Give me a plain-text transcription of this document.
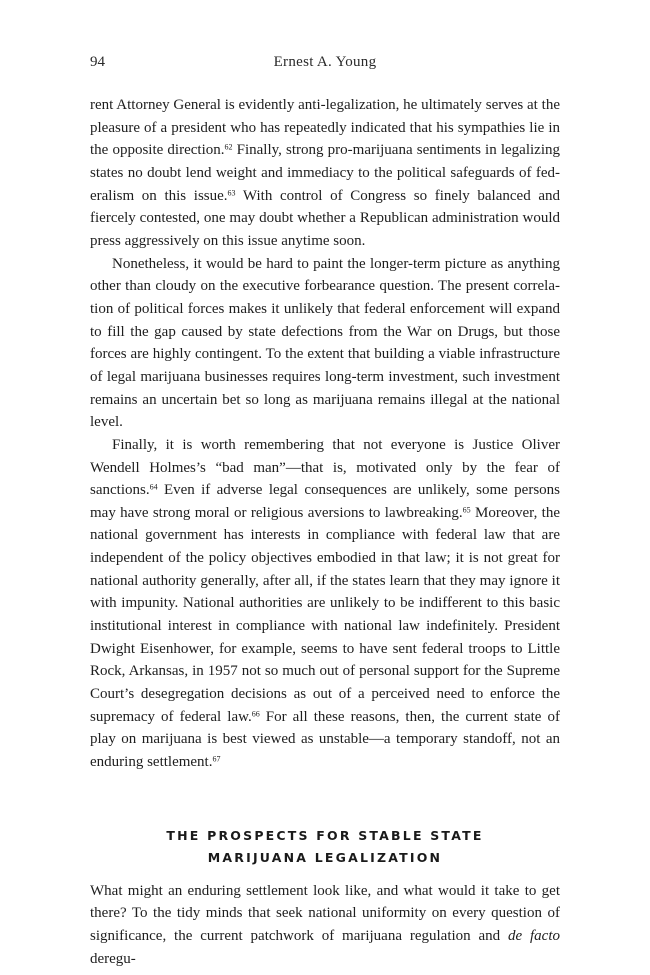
94	Ernest A. Young

rent Attorney General is evidently anti-legalization, he ultimately serves at the pleasure of a president who has repeatedly indicated that his sympathies lie in the opposite direction.$^{62}$ Finally, strong pro-marijuana sentiments in legalizing states no doubt lend weight and immediacy to the political safeguards of federalism on this issue.$^{63}$ With control of Congress so finely balanced and fiercely contested, one may doubt whether a Republican administration would press aggressively on this issue anytime soon.

Nonetheless, it would be hard to paint the longer-term picture as anything other than cloudy on the executive forbearance question. The present correlation of political forces makes it unlikely that federal enforcement will expand to fill the gap caused by state defections from the War on Drugs, but those forces are highly contingent. To the extent that building a viable infrastructure of legal marijuana businesses requires long-term investment, such investment remains an uncertain bet so long as marijuana remains illegal at the national level.

Finally, it is worth remembering that not everyone is Justice Oliver Wendell Holmes’s “bad man”—that is, motivated only by the fear of sanctions.$^{64}$ Even if adverse legal consequences are unlikely, some persons may have strong moral or religious aversions to lawbreaking.$^{65}$ Moreover, the national government has interests in compliance with federal law that are independent of the policy objectives embodied in that law; it is not great for national authority generally, after all, if the states learn that they may ignore it with impunity. National authorities are unlikely to be indifferent to this basic institutional interest in compliance with national law indefinitely. President Dwight Eisenhower, for example, seems to have sent federal troops to Little Rock, Arkansas, in 1957 not so much out of personal support for the Supreme Court’s desegregation decisions as out of a perceived need to enforce the supremacy of federal law.$^{66}$ For all these reasons, then, the current state of play on marijuana is best viewed as unstable—a temporary standoff, not an enduring settlement.$^{67}$

THE PROSPECTS FOR STABLE STATE
MARIJUANA LEGALIZATION

What might an enduring settlement look like, and what would it take to get there? To the tidy minds that seek national uniformity on every question of significance, the current patchwork of marijuana regulation and de facto deregu-
